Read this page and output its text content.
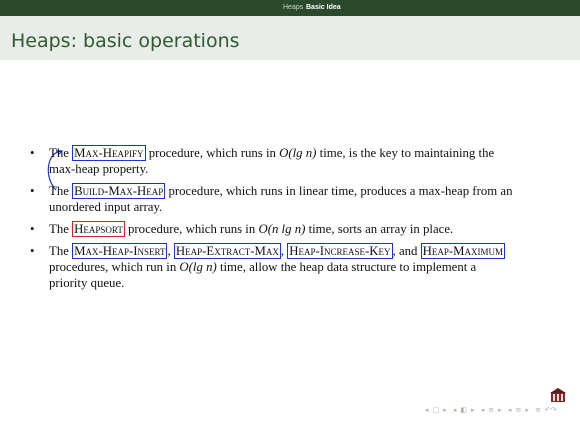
Heaps Basic Idea
Heaps: basic operations
• The Max-Heapify procedure, which runs in O(lg n) time, is the key to maintaining the max-heap property.
• The Build-Max-Heap procedure, which runs in linear time, produces a max-heap from an unordered input array.
• The Heapsort procedure, which runs in O(n lg n) time, sorts an array in place.
• The Max-Heap-Insert , Heap-Extract-Max , Heap-Increase-Key , and Heap-Maximum procedures, which run in O(lg n) time, allow the heap data structure to implement a priority queue.
◂ □ ▸ ◂ ◧ ▸ ◂ ≡ ▸ ◂ ≡ ▸ ≡ ↶↷
